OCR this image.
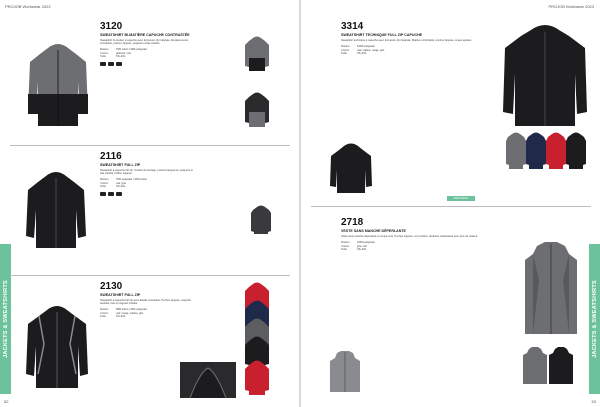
PROJOB Workwear 2023
JACKETS & SWEATSHIRTS
52
3120
SWEATSHIRT BI-MATIÈRE CAPUCHE CONTRASTÉE
Sweatshirt bi-couleur à capuche avec fermeture zip intégrale. Empiècements contrastés, poches zippées, poignets et bas côtelés.
Matière	70% coton / 30% polyester
Coloris	gris/noir, noir
Taille	XS–4XL
2116
SWEATSHIRT FULL ZIP
Sweatshirt à capuche full zip. Cordon de serrage, poches kangourou, poignets et bas côtelés, finition soignée.
Matière	70% polyester / 30% coton
Coloris	noir, gris
Taille	XS–4XL
2130
SWEATSHIRT FULL ZIP
Sweatshirt à capuche full zip avec détails contrastés. Poches zippées, capuche doublée, bas et poignets côtelés.
Matière	68% coton / 32% polyester
Coloris	noir, rouge, marine, gris
Taille	XS–4XL
PROJOB Workwear 2023
JACKETS & SWEATSHIRTS
53
3314
SWEATSHIRT TECHNIQUE FULL ZIP CAPUCHE
Sweatshirt technique à capuche avec fermeture zip intégrale. Matière confortable, poches zippées, coupe ajustée.
Matière	100% polyester
Coloris	noir, marine, rouge, gris
Taille	XS–4XL
NOUVEAU
2718
VESTE SANS MANCHE DÉPERLANTE
Veste sans manche déperlante et coupe-vent. Poches zippées, col montant, doublure matelassée pour plus de chaleur.
Matière	100% polyester
Coloris	gris, noir
Taille	XS–4XL
